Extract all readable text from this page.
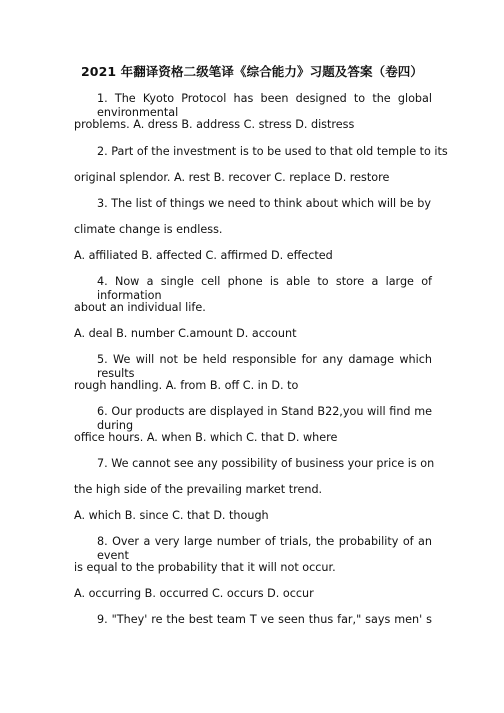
2021 年翻译资格二级笔译《综合能力》习题及答案（卷四）
1. The Kyoto Protocol has been designed to the global environmental
problems. A. dress B. address C. stress D. distress
2. Part of the investment is to be used to that old temple to its
original splendor. A. rest B. recover C. replace D. restore
3. The list of things we need to think about which will be by
climate change is endless.
A. affiliated B. affected C. affirmed D. effected
4. Now a single cell phone is able to store a large of information
about an individual life.
A. deal B. number C.amount D. account
5. We will not be held responsible for any damage which results
rough handling. A. from B. off C. in D. to
6. Our products are displayed in Stand B22,you will find me during
office hours. A. when B. which C. that D. where
7. We cannot see any possibility of business your price is on
the high side of the prevailing market trend.
A. which B. since C. that D. though
8. Over a very large number of trials, the probability of an event
is equal to the probability that it will not occur.
A. occurring B. occurred C. occurs D. occur
9. "They' re the best team T ve seen thus far," says men' s
